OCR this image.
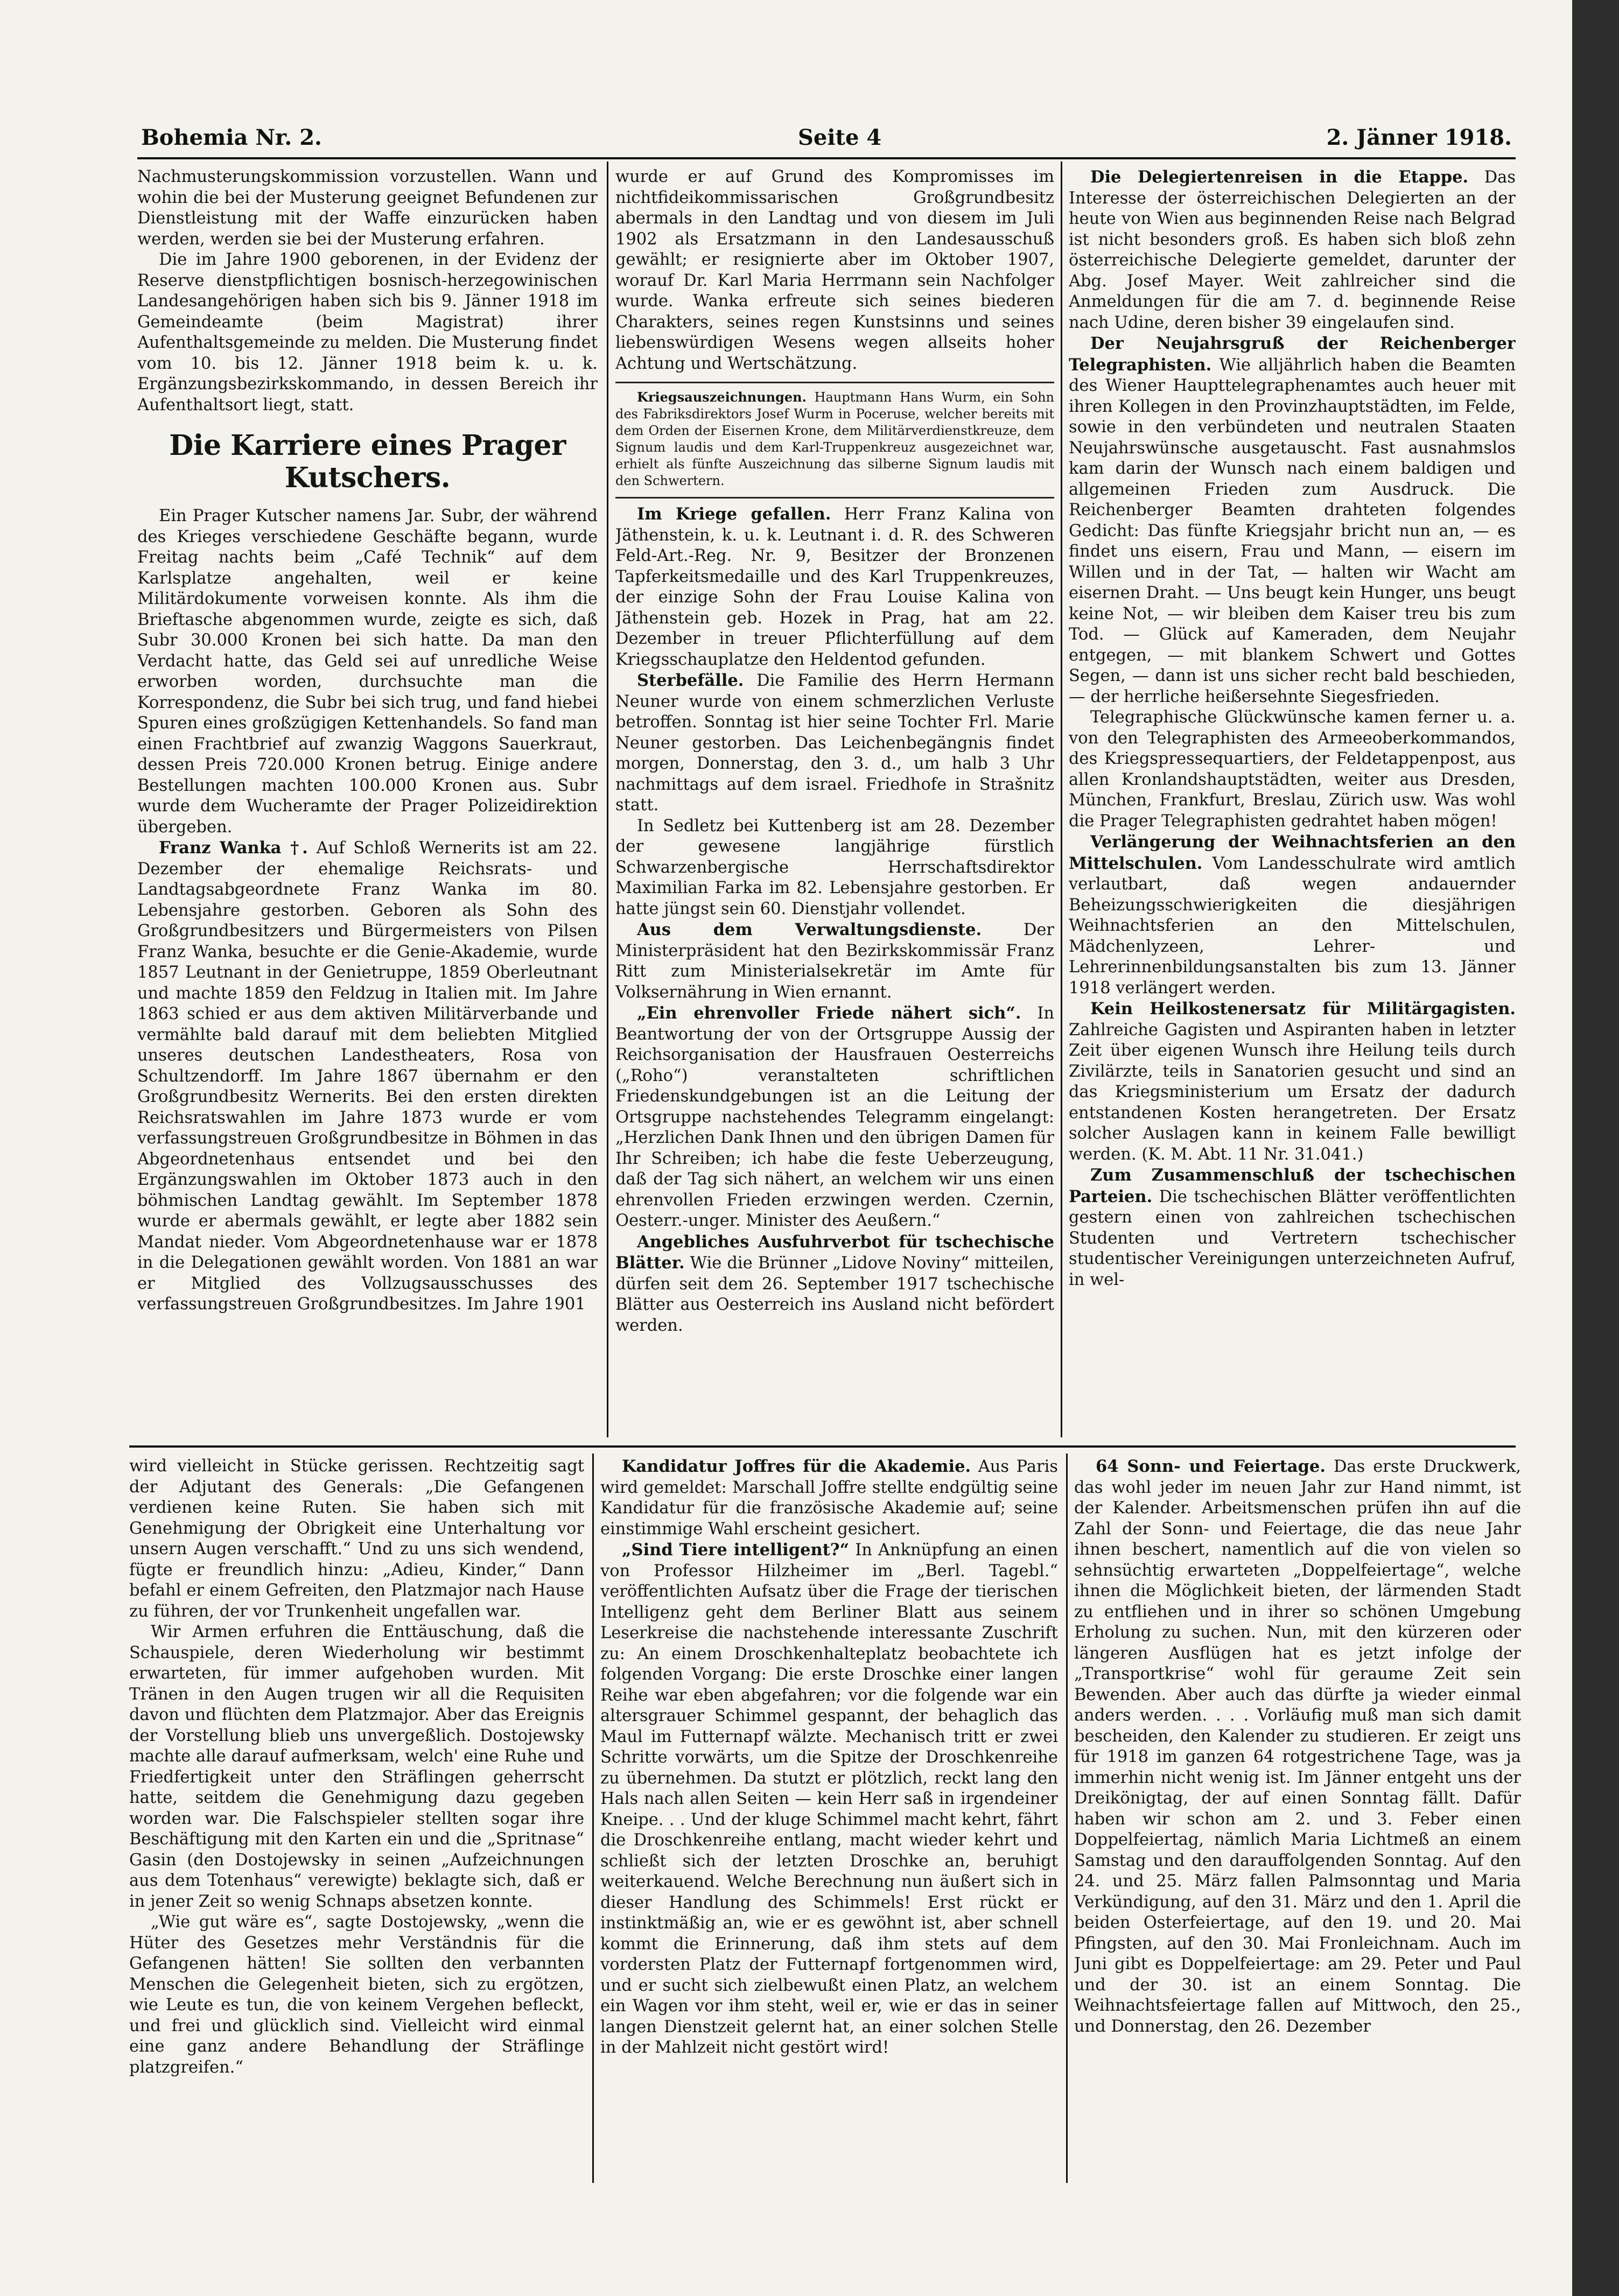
Bohemia Nr. 2.	Seite 4	2. Jänner 1918.

Nachmusterungskommission vorzustellen. Wann und wohin die bei der Musterung geeignet Befundenen zur Dienstleistung mit der Waffe einzurücken haben werden, werden sie bei der Musterung erfahren.

Die im Jahre 1900 geborenen, in der Evidenz der Reserve dienstpflichtigen bosnisch-herzegowinischen Landesangehörigen haben sich bis 9. Jänner 1918 im Gemeindeamte (beim Magistrat) ihrer Aufenthaltsgemeinde zu melden. Die Musterung findet vom 10. bis 12. Jänner 1918 beim k. u. k. Ergänzungsbezirkskommando, in dessen Bereich ihr Aufenthaltsort liegt, statt.

Die Karriere eines Prager Kutschers.

Ein Prager Kutscher namens Jar. Subr, der während des Krieges verschiedene Geschäfte begann, wurde Freitag nachts beim „Café Technik“ auf dem Karlsplatze angehalten, weil er keine Militärdokumente vorweisen konnte. Als ihm die Brieftasche abgenommen wurde, zeigte es sich, daß Subr 30.000 Kronen bei sich hatte. Da man den Verdacht hatte, das Geld sei auf unredliche Weise erworben worden, durchsuchte man die Korrespondenz, die Subr bei sich trug, und fand hiebei Spuren eines großzügigen Kettenhandels. So fand man einen Frachtbrief auf zwanzig Waggons Sauerkraut, dessen Preis 720.000 Kronen betrug. Einige andere Bestellungen machten 100.000 Kronen aus. Subr wurde dem Wucheramte der Prager Polizeidirektion übergeben.

Franz Wanka †. Auf Schloß Wernerits ist am 22. Dezember der ehemalige Reichsrats- und Landtagsabgeordnete Franz Wanka im 80. Lebensjahre gestorben. Geboren als Sohn des Großgrundbesitzers und Bürgermeisters von Pilsen Franz Wanka, besuchte er die Genie-Akademie, wurde 1857 Leutnant in der Genietruppe, 1859 Oberleutnant und machte 1859 den Feldzug in Italien mit. Im Jahre 1863 schied er aus dem aktiven Militärverbande und vermählte bald darauf mit dem beliebten Mitglied unseres deutschen Landestheaters, Rosa von Schultzendorff. Im Jahre 1867 übernahm er den Großgrundbesitz Wernerits. Bei den ersten direkten Reichsratswahlen im Jahre 1873 wurde er vom verfassungstreuen Großgrundbesitze in Böhmen in das Abgeordnetenhaus entsendet und bei den Ergänzungswahlen im Oktober 1873 auch in den böhmischen Landtag gewählt. Im September 1878 wurde er abermals gewählt, er legte aber 1882 sein Mandat nieder. Vom Abgeordnetenhause war er 1878 in die Delegationen gewählt worden. Von 1881 an war er Mitglied des Vollzugsausschusses des verfassungstreuen Großgrundbesitzes. Im Jahre 1901

wurde er auf Grund des Kompromisses im nichtfideikommissarischen Großgrundbesitz abermals in den Landtag und von diesem im Juli 1902 als Ersatzmann in den Landesausschuß gewählt; er resignierte aber im Oktober 1907, worauf Dr. Karl Maria Herrmann sein Nachfolger wurde. Wanka erfreute sich seines biederen Charakters, seines regen Kunstsinns und seines liebenswürdigen Wesens wegen allseits hoher Achtung und Wertschätzung.

Kriegsauszeichnungen. Hauptmann Hans Wurm, ein Sohn des Fabriksdirektors Josef Wurm in Poceruse, welcher bereits mit dem Orden der Eisernen Krone, dem Militärverdienstkreuze, dem Signum laudis und dem Karl-Truppenkreuz ausgezeichnet war, erhielt als fünfte Auszeichnung das silberne Signum laudis mit den Schwertern.

Im Kriege gefallen. Herr Franz Kalina von Jäthenstein, k. u. k. Leutnant i. d. R. des Schweren Feld-Art.-Reg. Nr. 9, Besitzer der Bronzenen Tapferkeitsmedaille und des Karl Truppenkreuzes, der einzige Sohn der Frau Louise Kalina von Jäthenstein geb. Hozek in Prag, hat am 22. Dezember in treuer Pflichterfüllung auf dem Kriegsschauplatze den Heldentod gefunden.

Sterbefälle. Die Familie des Herrn Hermann Neuner wurde von einem schmerzlichen Verluste betroffen. Sonntag ist hier seine Tochter Frl. Marie Neuner gestorben. Das Leichenbegängnis findet morgen, Donnerstag, den 3. d., um halb 3 Uhr nachmittags auf dem israel. Friedhofe in Strašnitz statt.

In Sedletz bei Kuttenberg ist am 28. Dezember der gewesene langjährige fürstlich Schwarzenbergische Herrschaftsdirektor Maximilian Farka im 82. Lebensjahre gestorben. Er hatte jüngst sein 60. Dienstjahr vollendet.

Aus dem Verwaltungsdienste.	Der Ministerpräsident hat den Bezirkskommissär Franz Ritt zum Ministerialsekretär im Amte für Volksernährung in Wien ernannt.

„Ein ehrenvoller Friede nähert sich“. In Beantwortung der von der Ortsgruppe Aussig der Reichsorganisation der Hausfrauen Oesterreichs („Roho“) veranstalteten schriftlichen Friedenskundgebungen ist an die Leitung der Ortsgruppe nachstehendes Telegramm eingelangt: „Herzlichen Dank Ihnen und den übrigen Damen für Ihr Schreiben; ich habe die feste Ueberzeugung, daß der Tag sich nähert, an welchem wir uns einen ehrenvollen Frieden erzwingen werden. Czernin, Oesterr.-unger. Minister des Aeußern.“

Angebliches Ausfuhrverbot für tschechische Blätter. Wie die Brünner „Lidove Noviny“ mitteilen, dürfen seit dem 26. September 1917 tschechische Blätter aus Oesterreich ins Ausland nicht befördert werden.

Die Delegiertenreisen in die Etappe. Das Interesse der österreichischen Delegierten an der heute von Wien aus beginnenden Reise nach Belgrad ist nicht besonders groß. Es haben sich bloß zehn österreichische Delegierte gemeldet, darunter der Abg. Josef Mayer. Weit zahlreicher sind die Anmeldungen für die am 7. d. beginnende Reise nach Udine, deren bisher 39 eingelaufen sind.

Der Neujahrsgruß der Reichenberger Telegraphisten. Wie alljährlich haben die Beamten des Wiener Haupttelegraphenamtes auch heuer mit ihren Kollegen in den Provinzhauptstädten, im Felde, sowie in den verbündeten und neutralen Staaten Neujahrswünsche ausgetauscht. Fast ausnahmslos kam darin der Wunsch nach einem baldigen und allgemeinen Frieden zum Ausdruck. Die Reichenberger Beamten drahteten folgendes Gedicht: Das fünfte Kriegsjahr bricht nun an, — es findet uns eisern, Frau und Mann, — eisern im Willen und in der Tat, — halten wir Wacht am eisernen Draht. — Uns beugt kein Hunger, uns beugt keine Not, — wir bleiben dem Kaiser treu bis zum Tod. — Glück auf Kameraden, dem Neujahr entgegen, — mit blankem Schwert und Gottes Segen, — dann ist uns sicher recht bald beschieden, — der herrliche heißersehnte Siegesfrieden.

Telegraphische Glückwünsche kamen ferner u. a. von den Telegraphisten des Armeeoberkommandos, des Kriegspressequartiers, der Feldetappenpost, aus allen Kronlandshauptstädten, weiter aus Dresden, München, Frankfurt, Breslau, Zürich usw. Was wohl die Prager Telegraphisten gedrahtet haben mögen!

Verlängerung der Weihnachtsferien an den Mittelschulen. Vom Landesschulrate wird amtlich verlautbart, daß wegen andauernder Beheizungsschwierigkeiten die diesjährigen Weihnachtsferien an den Mittelschulen, Mädchenlyzeen, Lehrer- und Lehrerinnenbildungsanstalten bis zum 13. Jänner 1918 verlängert werden.

Kein Heilkostenersatz für Militärgagisten. Zahlreiche Gagisten und Aspiranten haben in letzter Zeit über eigenen Wunsch ihre Heilung teils durch Zivilärzte, teils in Sanatorien gesucht und sind an das Kriegsministerium um Ersatz der dadurch entstandenen Kosten herangetreten. Der Ersatz solcher Auslagen kann in keinem Falle bewilligt werden. (K. M. Abt. 11 Nr. 31.041.)

Zum Zusammenschluß der tschechischen Parteien. Die tschechischen Blätter veröffentlichten gestern einen von zahlreichen tschechischen Studenten und Vertretern tschechischer studentischer Vereinigungen unterzeichneten Aufruf, in wel-

wird vielleicht in Stücke gerissen. Rechtzeitig sagt der Adjutant des Generals: „Die Gefangenen verdienen keine Ruten. Sie haben sich mit Genehmigung der Obrigkeit eine Unterhaltung vor unsern Augen verschafft.“ Und zu uns sich wendend, fügte er freundlich hinzu: „Adieu, Kinder,“ Dann befahl er einem Gefreiten, den Platzmajor nach Hause zu führen, der vor Trunkenheit ungefallen war.

Wir Armen erfuhren die Enttäuschung, daß die Schauspiele, deren Wiederholung wir bestimmt erwarteten, für immer aufgehoben wurden. Mit Tränen in den Augen trugen wir all die Requisiten davon und flüchten dem Platzmajor. Aber das Ereignis der Vorstellung blieb uns unvergeßlich. Dostojewsky machte alle darauf aufmerksam, welch' eine Ruhe und Friedfertigkeit unter den Sträflingen geherrscht hatte, seitdem die Genehmigung dazu gegeben worden war. Die Falschspieler stellten sogar ihre Beschäftigung mit den Karten ein und die „Spritnase“ Gasin (den Dostojewsky in seinen „Aufzeichnungen aus dem Totenhaus“ verewigte) beklagte sich, daß er in jener Zeit so wenig Schnaps absetzen konnte.

„Wie gut wäre es“, sagte Dostojewsky, „wenn die Hüter des Gesetzes mehr Verständnis für die Gefangenen hätten! Sie sollten den verbannten Menschen die Gelegenheit bieten, sich zu ergötzen, wie Leute es tun, die von keinem Vergehen befleckt, und frei und glücklich sind. Vielleicht wird einmal eine ganz andere Behandlung der Sträflinge platzgreifen.“

Kandidatur Joffres für die Akademie. Aus Paris wird gemeldet: Marschall Joffre stellte endgültig seine Kandidatur für die französische Akademie auf; seine einstimmige Wahl erscheint gesichert.

„Sind Tiere intelligent?“ In Anknüpfung an einen von Professor Hilzheimer im „Berl. Tagebl.“ veröffentlichten Aufsatz über die Frage der tierischen Intelligenz geht dem Berliner Blatt aus seinem Leserkreise die nachstehende interessante Zuschrift zu: An einem Droschkenhalteplatz beobachtete ich folgenden Vorgang: Die erste Droschke einer langen Reihe war eben abgefahren; vor die folgende war ein altersgrauer Schimmel gespannt, der behaglich das Maul im Futternapf wälzte. Mechanisch tritt er zwei Schritte vorwärts, um die Spitze der Droschkenreihe zu übernehmen. Da stutzt er plötzlich, reckt lang den Hals nach allen Seiten — kein Herr saß in irgendeiner Kneipe. . . Und der kluge Schimmel macht kehrt, fährt die Droschkenreihe entlang, macht wieder kehrt und schließt sich der letzten Droschke an, beruhigt weiterkauend. Welche Berechnung nun äußert sich in dieser Handlung des Schimmels! Erst rückt er instinktmäßig an, wie er es gewöhnt ist, aber schnell kommt die Erinnerung, daß ihm stets auf dem vordersten Platz der Futternapf fortgenommen wird, und er sucht sich zielbewußt einen Platz, an welchem ein Wagen vor ihm steht, weil er, wie er das in seiner langen Dienstzeit gelernt hat, an einer solchen Stelle in der Mahlzeit nicht gestört wird!

64 Sonn- und Feiertage. Das erste Druckwerk, das wohl jeder im neuen Jahr zur Hand nimmt, ist der Kalender. Arbeitsmenschen prüfen ihn auf die Zahl der Sonn- und Feiertage, die das neue Jahr ihnen beschert, namentlich auf die von vielen so sehnsüchtig erwarteten „Doppelfeiertage“, welche ihnen die Möglichkeit bieten, der lärmenden Stadt zu entfliehen und in ihrer so schönen Umgebung Erholung zu suchen. Nun, mit den kürzeren oder längeren Ausflügen hat es jetzt infolge der „Transportkrise“ wohl für geraume Zeit sein Bewenden. Aber auch das dürfte ja wieder einmal anders werden. . . . Vorläufig muß man sich damit bescheiden, den Kalender zu studieren. Er zeigt uns für 1918 im ganzen 64 rotgestrichene Tage, was ja immerhin nicht wenig ist. Im Jänner entgeht uns der Dreikönigtag, der auf einen Sonntag fällt. Dafür haben wir schon am 2. und 3. Feber einen Doppelfeiertag, nämlich Maria Lichtmeß an einem Samstag und den darauffolgenden Sonntag. Auf den 24. und 25. März fallen Palmsonntag und Maria Verkündigung, auf den 31. März und den 1. April die beiden Osterfeiertage, auf den 19. und 20. Mai Pfingsten, auf den 30. Mai Fronleichnam. Auch im Juni gibt es Doppelfeiertage: am 29. Peter und Paul und der 30. ist an einem Sonntag. Die Weihnachtsfeiertage fallen auf Mittwoch, den 25., und Donnerstag, den 26. Dezember
